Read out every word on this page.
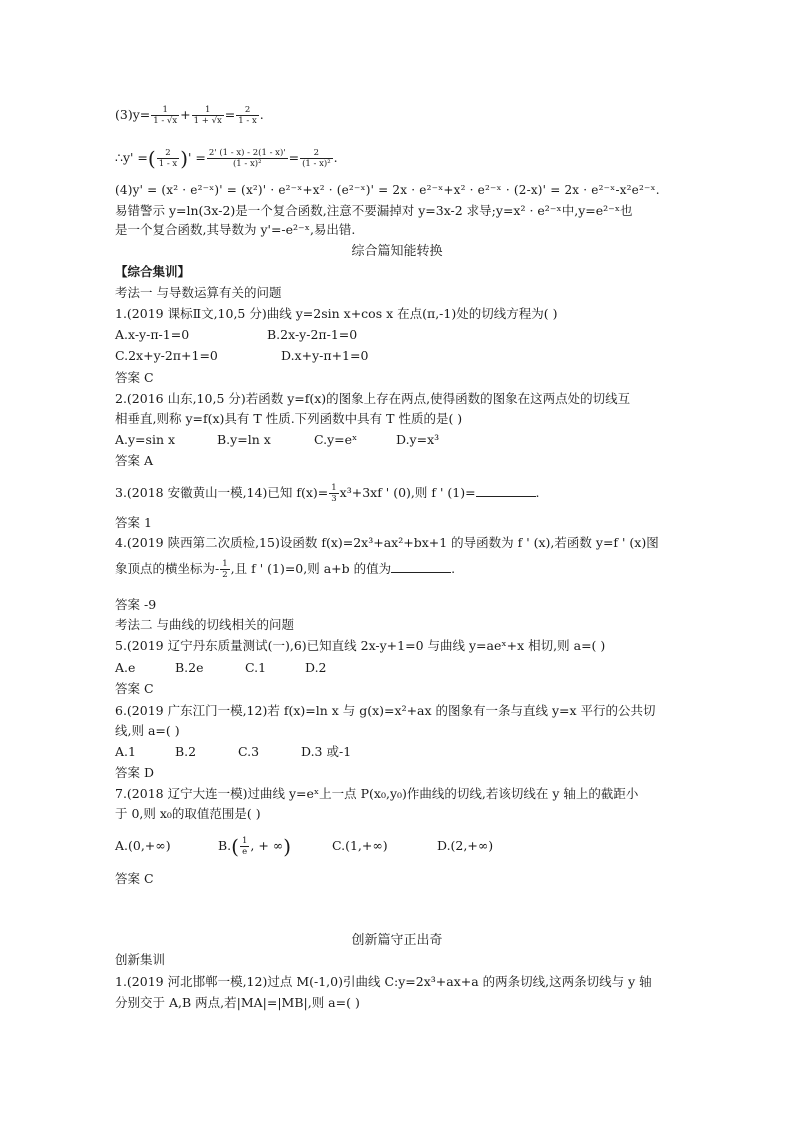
$(3)y= \frac{1}{1 - √x} + \frac{1}{1 + √x} = \frac{2}{1 - x}$ .
∴y' =( $\frac{2}{1 - x}$ )' = $\frac{2' (1 - x) - 2(1 - x)'}{\text{(1 - x)²}} = \frac{2}{\text{(1 - x)²}}$ .
(4)y' = (x² · e²⁻ˣ)' = (x²)' · e²⁻ˣ+x² · (e²⁻ˣ)' = 2x · e²⁻ˣ+x² · e²⁻ˣ · (2-x)' = 2x · e²⁻ˣ-x²e²⁻ˣ.
易错警示 y=ln(3x-2)是一个复合函数,注意不要漏掉对 y=3x-2 求导;y=x² · e²⁻ˣ中,y=e²⁻ˣ也
是一个复合函数,其导数为 y'=-e²⁻ˣ,易出错.
综合篇知能转换
【综合集训】
考法一 与导数运算有关的问题
1.(2019 课标Ⅱ文,10,5 分)曲线 y=2sin x+cos x 在点(π,-1)处的切线方程为( )
A.x-y-π-1=0	B.2x-y-2π-1=0
C.2x+y-2π+1=0	D.x+y-π+1=0
答案 C
2.(2016 山东,10,5 分)若函数 y=f(x)的图象上存在两点,使得函数的图象在这两点处的切线互
相垂直,则称 y=f(x)具有 T 性质.下列函数中具有 T 性质的是( )
A.y=sin x	B.y=ln x	C.y=eˣ	D.y=x³
答案 A
3.(2018 安徽黄山一模,14)已知 $f(x)= \frac{1}{3} x^3+3xf$ ' (0),则 f ' (1)=	.
答案 1
4.(2019 陕西第二次质检,15)设函数 f(x)=2x³+ax²+bx+1 的导函数为 f ' (x),若函数 y=f ' (x)图
象顶点的横坐标为- $\frac{1}{2}$ ,且 f ' (1)=0,则 a+b 的值为	.
答案 -9
考法二 与曲线的切线相关的问题
5.(2019 辽宁丹东质量测试(一),6)已知直线 2x-y+1=0 与曲线 y=aeˣ+x 相切,则 a=( )
A.e	B.2e	C.1	D.2
答案 C
6.(2019 广东江门一模,12)若 f(x)=ln x 与 g(x)=x²+ax 的图象有一条与直线 y=x 平行的公共切
线,则 a=( )
A.1	B.2	C.3	D.3 或-1
答案 D
7.(2018 辽宁大连一模)过曲线 y=eˣ上一点 P(x₀,y₀)作曲线的切线,若该切线在 y 轴上的截距小
于 0,则 x₀的取值范围是( )
A.(0,+∞)	$B.( \frac{1}{e}$ , + ∞)	C.(1,+∞)	D.(2,+∞)
答案 C
创新篇守正出奇
创新集训
1.(2019 河北邯郸一模,12)过点 M(-1,0)引曲线 C:y=2x³+ax+a 的两条切线,这两条切线与 y 轴
分别交于 A,B 两点,若|MA|=|MB|,则 a=( )
